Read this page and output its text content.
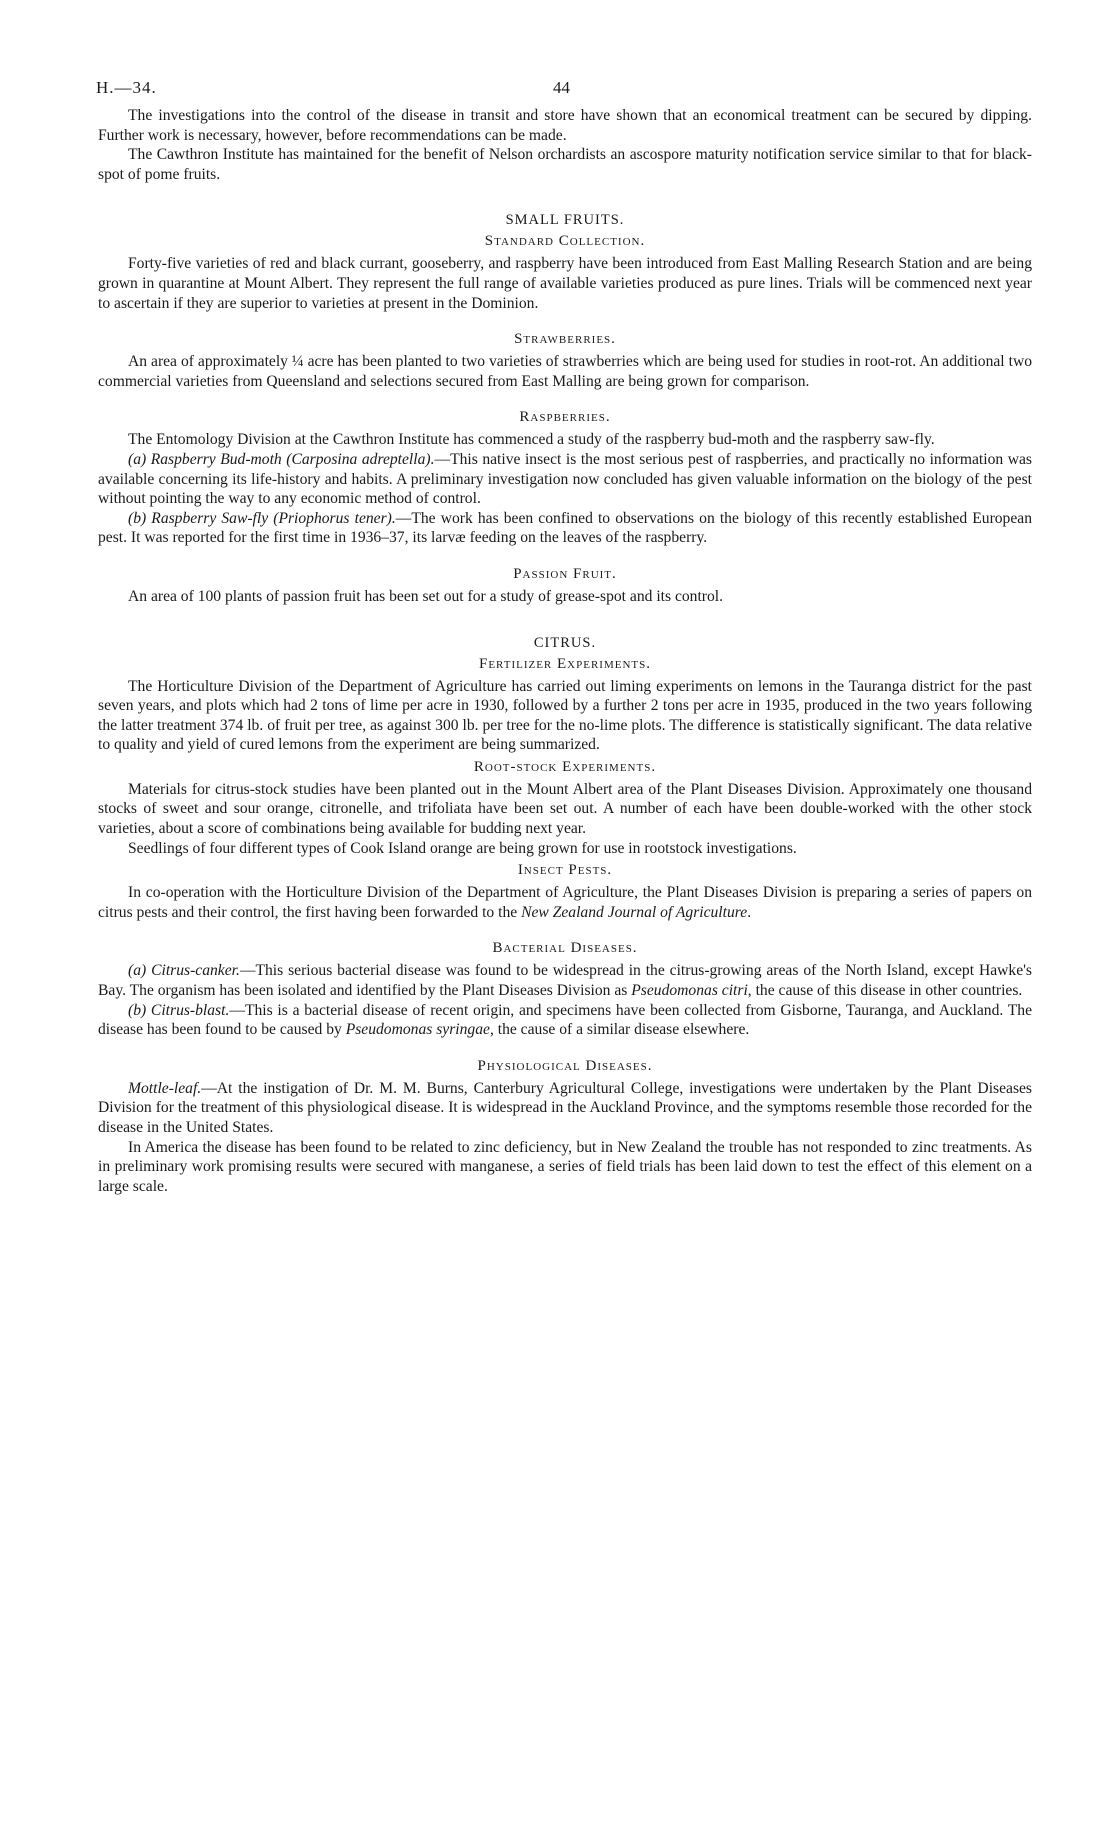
H.—34.	44

The investigations into the control of the disease in transit and store have shown that an economical treatment can be secured by dipping. Further work is necessary, however, before recommendations can be made.

The Cawthron Institute has maintained for the benefit of Nelson orchardists an ascospore maturity notification service similar to that for black-spot of pome fruits.

SMALL FRUITS.
Standard Collection.

Forty-five varieties of red and black currant, gooseberry, and raspberry have been introduced from East Malling Research Station and are being grown in quarantine at Mount Albert. They represent the full range of available varieties produced as pure lines. Trials will be commenced next year to ascertain if they are superior to varieties at present in the Dominion.

Strawberries.

An area of approximately ¼ acre has been planted to two varieties of strawberries which are being used for studies in root-rot. An additional two commercial varieties from Queensland and selections secured from East Malling are being grown for comparison.

Raspberries.

The Entomology Division at the Cawthron Institute has commenced a study of the raspberry bud-moth and the raspberry saw-fly.

(a) Raspberry Bud-moth (Carposina adreptella).—This native insect is the most serious pest of raspberries, and practically no information was available concerning its life-history and habits. A preliminary investigation now concluded has given valuable information on the biology of the pest without pointing the way to any economic method of control.

(b) Raspberry Saw-fly (Priophorus tener).—The work has been confined to observations on the biology of this recently established European pest. It was reported for the first time in 1936–37, its larvæ feeding on the leaves of the raspberry.

Passion Fruit.

An area of 100 plants of passion fruit has been set out for a study of grease-spot and its control.

CITRUS.
Fertilizer Experiments.

The Horticulture Division of the Department of Agriculture has carried out liming experiments on lemons in the Tauranga district for the past seven years, and plots which had 2 tons of lime per acre in 1930, followed by a further 2 tons per acre in 1935, produced in the two years following the latter treatment 374 lb. of fruit per tree, as against 300 lb. per tree for the no-lime plots. The difference is statistically significant. The data relative to quality and yield of cured lemons from the experiment are being summarized.

Root-stock Experiments.

Materials for citrus-stock studies have been planted out in the Mount Albert area of the Plant Diseases Division. Approximately one thousand stocks of sweet and sour orange, citronelle, and trifoliata have been set out. A number of each have been double-worked with the other stock varieties, about a score of combinations being available for budding next year.

Seedlings of four different types of Cook Island orange are being grown for use in rootstock investigations.

Insect Pests.

In co-operation with the Horticulture Division of the Department of Agriculture, the Plant Diseases Division is preparing a series of papers on citrus pests and their control, the first having been forwarded to the New Zealand Journal of Agriculture.

Bacterial Diseases.

(a) Citrus-canker.—This serious bacterial disease was found to be widespread in the citrus-growing areas of the North Island, except Hawke's Bay. The organism has been isolated and identified by the Plant Diseases Division as Pseudomonas citri, the cause of this disease in other countries.

(b) Citrus-blast.—This is a bacterial disease of recent origin, and specimens have been collected from Gisborne, Tauranga, and Auckland. The disease has been found to be caused by Pseudomonas syringae, the cause of a similar disease elsewhere.

Physiological Diseases.

Mottle-leaf.—At the instigation of Dr. M. M. Burns, Canterbury Agricultural College, investigations were undertaken by the Plant Diseases Division for the treatment of this physiological disease. It is widespread in the Auckland Province, and the symptoms resemble those recorded for the disease in the United States.

In America the disease has been found to be related to zinc deficiency, but in New Zealand the trouble has not responded to zinc treatments. As in preliminary work promising results were secured with manganese, a series of field trials has been laid down to test the effect of this element on a large scale.
